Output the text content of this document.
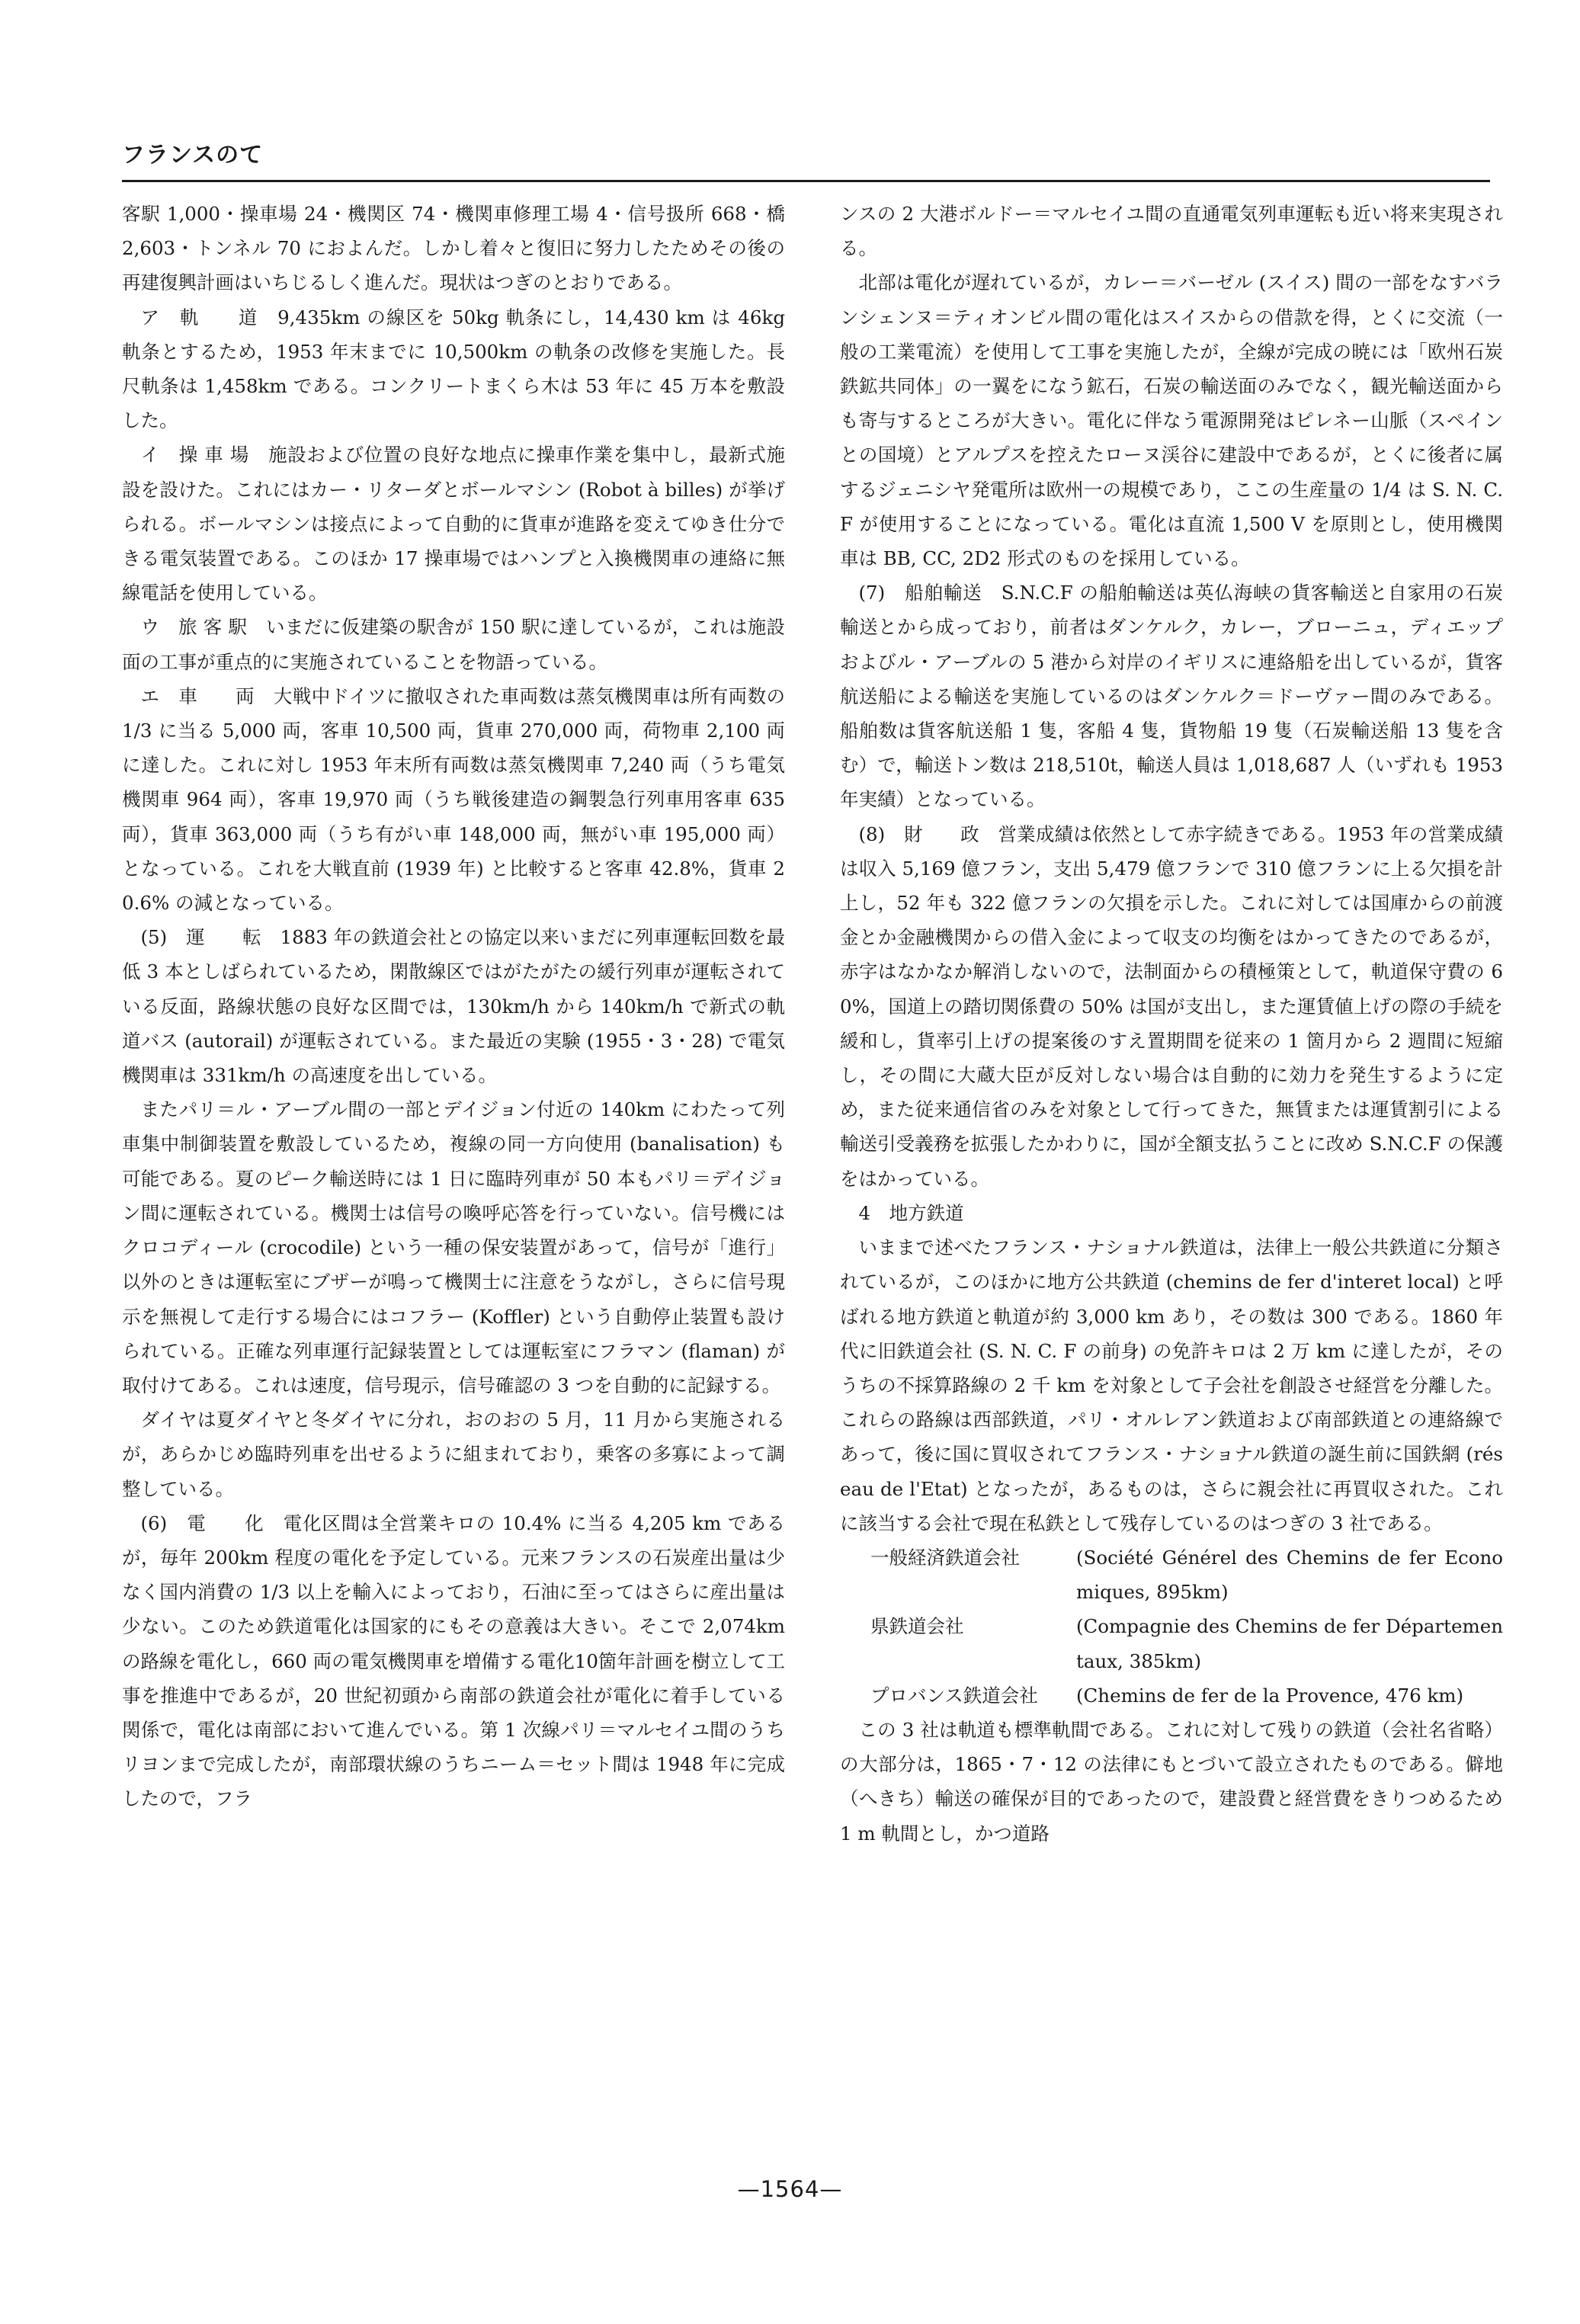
フランスのて

客駅 1,000・操車場 24・機関区 74・機関車修理工場 4・信号扱所 668・橋 2,603・トンネル 70 におよんだ。しかし着々と復旧に努力したためその後の再建復興計画はいちじるしく進んだ。現状はつぎのとおりである。

ア　軌　　道　9,435km の線区を 50kg 軌条にし，14,430 km は 46kg 軌条とするため，1953 年末までに 10,500km の軌条の改修を実施した。長尺軌条は 1,458km である。コンクリートまくら木は 53 年に 45 万本を敷設した。

イ　操 車 場　施設および位置の良好な地点に操車作業を集中し，最新式施設を設けた。これにはカー・リターダとボールマシン (Robot à billes) が挙げられる。ボールマシンは接点によって自動的に貨車が進路を変えてゆき仕分できる電気装置である。このほか 17 操車場ではハンプと入換機関車の連絡に無線電話を使用している。

ウ　旅 客 駅　いまだに仮建築の駅舎が 150 駅に達しているが，これは施設面の工事が重点的に実施されていることを物語っている。

エ　車　　両　大戦中ドイツに撤収された車両数は蒸気機関車は所有両数の 1/3 に当る 5,000 両，客車 10,500 両，貨車 270,000 両，荷物車 2,100 両に達した。これに対し 1953 年末所有両数は蒸気機関車 7,240 両（うち電気機関車 964 両），客車 19,970 両（うち戦後建造の鋼製急行列車用客車 635 両），貨車 363,000 両（うち有がい車 148,000 両，無がい車 195,000 両）となっている。これを大戦直前 (1939 年) と比較すると客車 42.8%，貨車 20.6% の減となっている。

(5)　運　　転　1883 年の鉄道会社との協定以来いまだに列車運転回数を最低 3 本としばられているため，閑散線区ではがたがたの緩行列車が運転されている反面，路線状態の良好な区間では，130km/h から 140km/h で新式の軌道バス (autorail) が運転されている。また最近の実験 (1955・3・28) で電気機関車は 331km/h の高速度を出している。

またパリ＝ル・アーブル間の一部とデイジョン付近の 140km にわたって列車集中制御装置を敷設しているため，複線の同一方向使用 (banalisation) も可能である。夏のピーク輸送時には 1 日に臨時列車が 50 本もパリ＝デイジョン間に運転されている。機関士は信号の喚呼応答を行っていない。信号機にはクロコディール (crocodile) という一種の保安装置があって，信号が「進行」以外のときは運転室にブザーが鳴って機関士に注意をうながし，さらに信号現示を無視して走行する場合にはコフラー (Koffler) という自動停止装置も設けられている。正確な列車運行記録装置としては運転室にフラマン (flaman) が取付けてある。これは速度，信号現示，信号確認の 3 つを自動的に記録する。

ダイヤは夏ダイヤと冬ダイヤに分れ，おのおの 5 月，11 月から実施されるが，あらかじめ臨時列車を出せるように組まれており，乗客の多寡によって調整している。

(6)　電　　化　電化区間は全営業キロの 10.4% に当る 4,205 km であるが，毎年 200km 程度の電化を予定している。元来フランスの石炭産出量は少なく国内消費の 1/3 以上を輸入によっており，石油に至ってはさらに産出量は少ない。このため鉄道電化は国家的にもその意義は大きい。そこで 2,074km の路線を電化し，660 両の電気機関車を増備する電化10箇年計画を樹立して工事を推進中であるが，20 世紀初頭から南部の鉄道会社が電化に着手している関係で，電化は南部において進んでいる。第 1 次線パリ＝マルセイユ間のうちリヨンまで完成したが，南部環状線のうちニーム＝セット間は 1948 年に完成したので，フラ

ンスの 2 大港ボルドー＝マルセイユ間の直通電気列車運転も近い将来実現される。

北部は電化が遅れているが，カレー＝バーゼル (スイス) 間の一部をなすバランシェンヌ＝ティオンビル間の電化はスイスからの借款を得，とくに交流（一般の工業電流）を使用して工事を実施したが，全線が完成の暁には「欧州石炭鉄鉱共同体」の一翼をになう鉱石，石炭の輸送面のみでなく，観光輸送面からも寄与するところが大きい。電化に伴なう電源開発はピレネー山脈（スペインとの国境）とアルプスを控えたローヌ渓谷に建設中であるが，とくに後者に属するジェニシヤ発電所は欧州一の規模であり，ここの生産量の 1/4 は S. N. C. F が使用することになっている。電化は直流 1,500 V を原則とし，使用機関車は BB, CC, 2D2 形式のものを採用している。

(7)　船舶輸送　S.N.C.F の船舶輸送は英仏海峡の貨客輸送と自家用の石炭輸送とから成っており，前者はダンケルク，カレー，ブローニュ，ディエップおよびル・アーブルの 5 港から対岸のイギリスに連絡船を出しているが，貨客航送船による輸送を実施しているのはダンケルク＝ドーヴァー間のみである。船舶数は貨客航送船 1 隻，客船 4 隻，貨物船 19 隻（石炭輸送船 13 隻を含む）で，輸送トン数は 218,510t，輸送人員は 1,018,687 人（いずれも 1953 年実績）となっている。

(8)　財　　政　営業成績は依然として赤字続きである。1953 年の営業成績は収入 5,169 億フラン，支出 5,479 億フランで 310 億フランに上る欠損を計上し，52 年も 322 億フランの欠損を示した。これに対しては国庫からの前渡金とか金融機関からの借入金によって収支の均衡をはかってきたのであるが，赤字はなかなか解消しないので，法制面からの積極策として，軌道保守費の 60%，国道上の踏切関係費の 50% は国が支出し，また運賃値上げの際の手続を緩和し，貨率引上げの提案後のすえ置期間を従来の 1 箇月から 2 週間に短縮し，その間に大蔵大臣が反対しない場合は自動的に効力を発生するように定め，また従来通信省のみを対象として行ってきた，無賃または運賃割引による輸送引受義務を拡張したかわりに，国が全額支払うことに改め S.N.C.F の保護をはかっている。

4　地方鉄道

いままで述べたフランス・ナショナル鉄道は，法律上一般公共鉄道に分類されているが，このほかに地方公共鉄道 (chemins de fer d'interet local) と呼ばれる地方鉄道と軌道が約 3,000 km あり，その数は 300 である。1860 年代に旧鉄道会社 (S. N. C. F の前身) の免許キロは 2 万 km に達したが，そのうちの不採算路線の 2 千 km を対象として子会社を創設させ経営を分離した。これらの路線は西部鉄道，パリ・オルレアン鉄道および南部鉄道との連絡線であって，後に国に買収されてフランス・ナショナル鉄道の誕生前に国鉄網 (réseau de l'Etat) となったが，あるものは，さらに親会社に再買収された。これに該当する会社で現在私鉄として残存しているのはつぎの 3 社である。

一般経済鉄道会社	(Société Générel des Chemins de fer Economiques, 895km)
県鉄道会社	(Compagnie des Chemins de fer Départementaux, 385km)
プロバンス鉄道会社	(Chemins de fer de la Provence, 476 km)

この 3 社は軌道も標準軌間である。これに対して残りの鉄道（会社名省略）の大部分は，1865・7・12 の法律にもとづいて設立されたものである。僻地（へきち）輸送の確保が目的であったので，建設費と経営費をきりつめるため 1 m 軌間とし，かつ道路

—1564—
